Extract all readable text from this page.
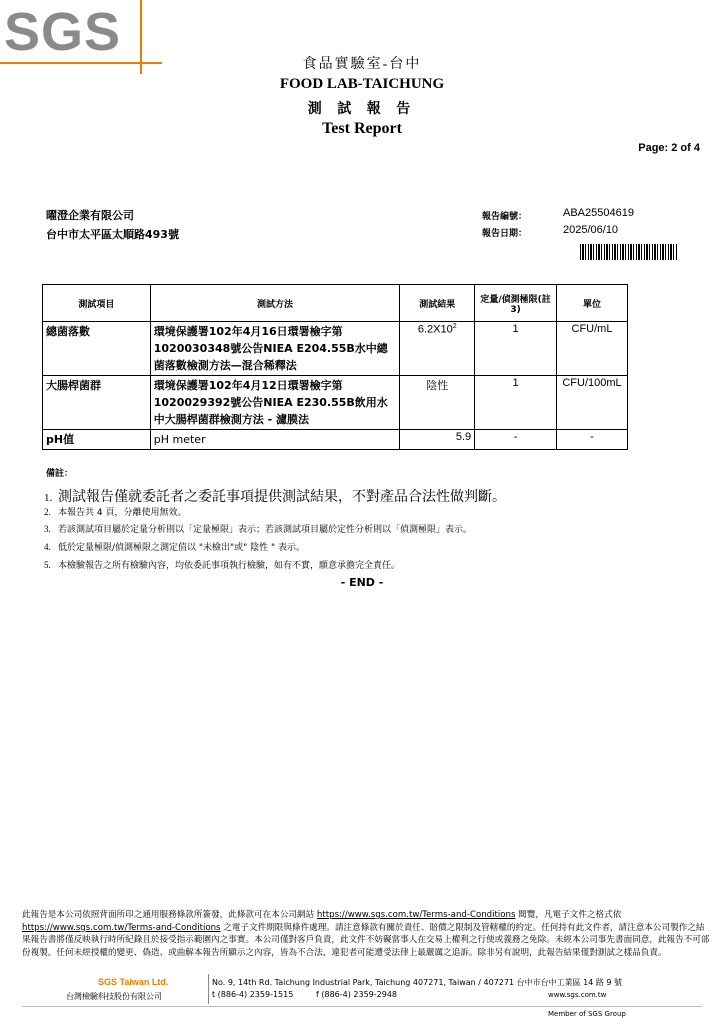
SGS
食品實驗室-台中
FOOD LAB-TAICHUNG
測 試 報 告
Test Report
Page: 2 of 4
曜澄企業有限公司
台中市太平區太順路493號
報告編號：	ABA25504619
報告日期：	2025/06/10
測試項目	測試方法	測試結果	定量/偵測極限(註3)	單位
總菌落數	環境保護署102年4月16日環署檢字第1020030348號公告NIEA E204.55B水中總菌落數檢測方法—混合稀釋法	$6.2X10^2$	1	CFU/mL
大腸桿菌群	環境保護署102年4月12日環署檢字第1020029392號公告NIEA E230.55B飲用水中大腸桿菌群檢測方法 - 濾膜法	陰性	1	CFU/100mL
pH值	pH meter	5.9	-	-
備註：
1. 測試報告僅就委託者之委託事項提供測試結果，不對產品合法性做判斷。
2. 本報告共 4 頁，分離使用無效。
3. 若該測試項目屬於定量分析則以「定量極限」表示；若該測試項目屬於定性分析則以「偵測極限」表示。
4. 低於定量極限/偵測極限之測定值以 "未檢出"或" 陰性 " 表示。
5. 本檢驗報告之所有檢驗內容，均依委託事項執行檢驗，如有不實，願意承擔完全責任。
- END -
此報告是本公司依照背面所印之通用服務條款所簽發，此條款可在本公司網站 https://www.sgs.com.tw/Terms-and-Conditions 閱覽，凡電子文件之格式依https://www.sgs.com.tw/Terms-and-Conditions 之電子文件期限與條件處理。請注意條款有關於責任、賠償之限制及管轄權的約定。任何持有此文件者，請注意本公司製作之結果報告書將僅反映執行時所紀錄且於接受指示範圍內之事實。本公司僅對客戶負責，此文件不妨礙當事人在交易上權利之行使或義務之免除。未經本公司事先書面同意，此報告不可部份複製。任何未經授權的變更、偽造、或曲解本報告所顯示之內容，皆為不合法，違犯者可能遭受法律上最嚴厲之追訴。除非另有說明，此報告結果僅對測試之樣品負責。
SGS Taiwan Ltd.
台灣檢驗科技股份有限公司
No. 9, 14th Rd. Taichung Industrial Park, Taichung 407271, Taiwan / 407271 台中市台中工業區 14 路 9 號
t (886-4) 2359-1515	f (886-4) 2359-2948	www.sgs.com.tw
Member of SGS Group
